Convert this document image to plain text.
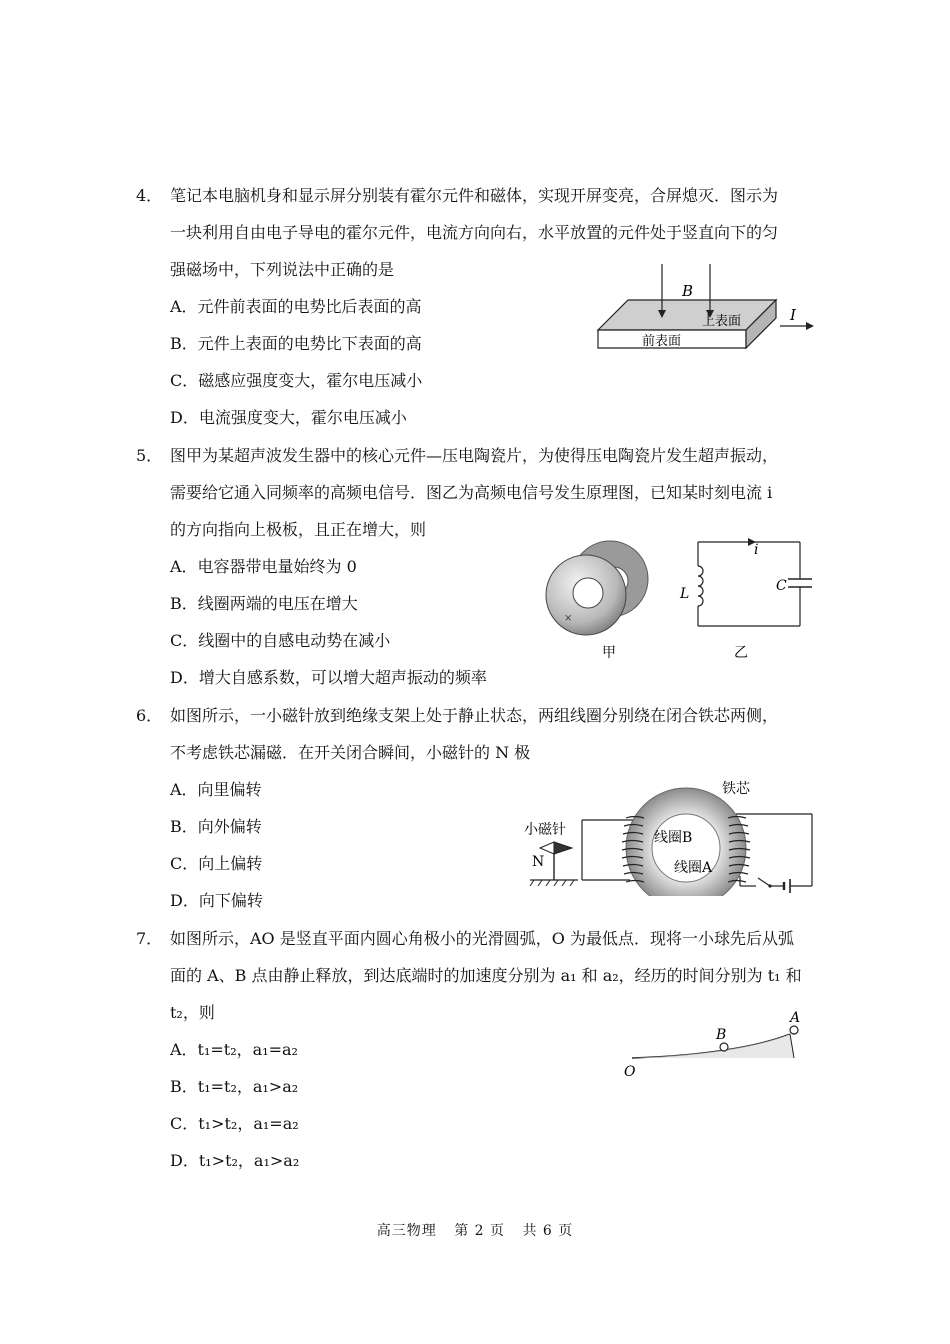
4． 笔记本电脑机身和显示屏分别装有霍尔元件和磁体，实现开屏变亮，合屏熄灭．图示为
一块利用自由电子导电的霍尔元件，电流方向向右，水平放置的元件处于竖直向下的匀
强磁场中，下列说法中正确的是
A．元件前表面的电势比后表面的高
B．元件上表面的电势比下表面的高
C．磁感应强度变大，霍尔电压减小
D．电流强度变大，霍尔电压减小
B
I
上表面
前表面
5． 图甲为某超声波发生器中的核心元件—压电陶瓷片，为使得压电陶瓷片发生超声振动，
需要给它通入同频率的高频电信号．图乙为高频电信号发生原理图，已知某时刻电流 i
的方向指向上极板，且正在增大，则
A．电容器带电量始终为 0
B．线圈两端的电压在增大
C．线圈中的自感电动势在减小
D．增大自感系数，可以增大超声振动的频率
×
甲
i
L	C
乙
6． 如图所示，一小磁针放到绝缘支架上处于静止状态，两组线圈分别绕在闭合铁芯两侧，
不考虑铁芯漏磁．在开关闭合瞬间，小磁针的 N 极
A．向里偏转
B．向外偏转
C．向上偏转
D．向下偏转
铁芯
小磁针
N
线圈B
线圈A
7． 如图所示，AO 是竖直平面内圆心角极小的光滑圆弧，O 为最低点．现将一小球先后从弧
面的 A、B 点由静止释放，到达底端时的加速度分别为 a₁ 和 a₂，经历的时间分别为 t₁ 和
t₂，则
A．t₁=t₂，a₁=a₂
B．t₁=t₂，a₁>a₂
C．t₁>t₂，a₁=a₂
D．t₁>t₂，a₁>a₂
A
B
O
高三物理 第 2 页 共 6 页
